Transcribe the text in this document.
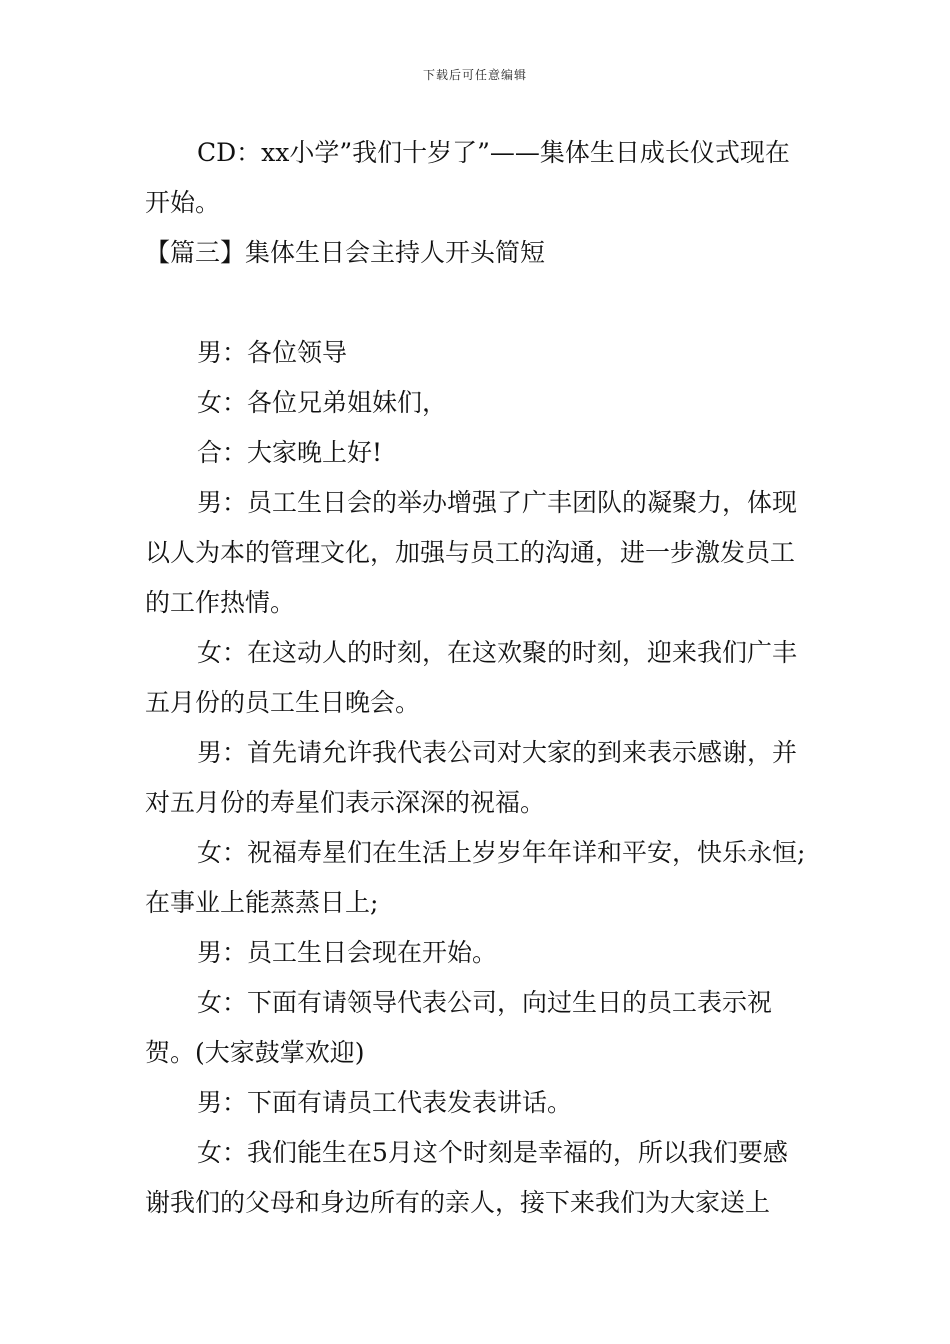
下载后可任意编辑

CD：xx小学”我们十岁了”——集体生日成长仪式现在开始。

【篇三】集体生日会主持人开头简短

男：各位领导

女：各位兄弟姐妹们，

合：大家晚上好!

男：员工生日会的举办增强了广丰团队的凝聚力，体现以人为本的管理文化，加强与员工的沟通，进一步激发员工的工作热情。

女：在这动人的时刻，在这欢聚的时刻，迎来我们广丰五月份的员工生日晚会。

男：首先请允许我代表公司对大家的到来表示感谢，并对五月份的寿星们表示深深的祝福。

女：祝福寿星们在生活上岁岁年年详和平安，快乐永恒;在事业上能蒸蒸日上;

男：员工生日会现在开始。

女：下面有请领导代表公司，向过生日的员工表示祝贺。(大家鼓掌欢迎)

男：下面有请员工代表发表讲话。

女：我们能生在5月这个时刻是幸福的，所以我们要感谢我们的父母和身边所有的亲人，接下来我们为大家送上
